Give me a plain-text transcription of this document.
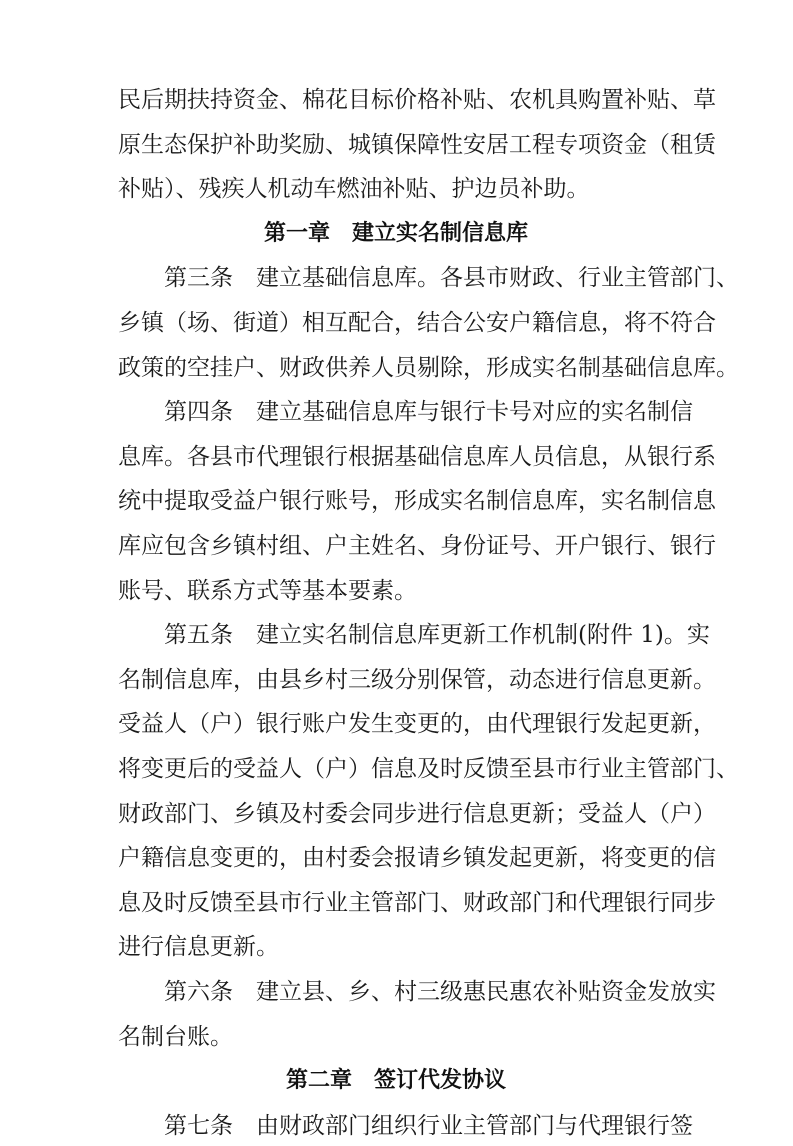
民后期扶持资金、棉花目标价格补贴、农机具购置补贴、草
原生态保护补助奖励、城镇保障性安居工程专项资金（租赁
补贴）、残疾人机动车燃油补贴、护边员补助。
第一章　建立实名制信息库
第三条　建立基础信息库。各县市财政、行业主管部门、
乡镇（场、街道）相互配合，结合公安户籍信息，将不符合
政策的空挂户、财政供养人员剔除，形成实名制基础信息库。
第四条　建立基础信息库与银行卡号对应的实名制信
息库。各县市代理银行根据基础信息库人员信息，从银行系
统中提取受益户银行账号，形成实名制信息库，实名制信息
库应包含乡镇村组、户主姓名、身份证号、开户银行、银行
账号、联系方式等基本要素。
第五条　建立实名制信息库更新工作机制(附件 1)。实
名制信息库，由县乡村三级分别保管，动态进行信息更新。
受益人（户）银行账户发生变更的，由代理银行发起更新，
将变更后的受益人（户）信息及时反馈至县市行业主管部门、
财政部门、乡镇及村委会同步进行信息更新；受益人（户）
户籍信息变更的，由村委会报请乡镇发起更新，将变更的信
息及时反馈至县市行业主管部门、财政部门和代理银行同步
进行信息更新。
第六条　建立县、乡、村三级惠民惠农补贴资金发放实
名制台账。
第二章　签订代发协议
第七条　由财政部门组织行业主管部门与代理银行签
